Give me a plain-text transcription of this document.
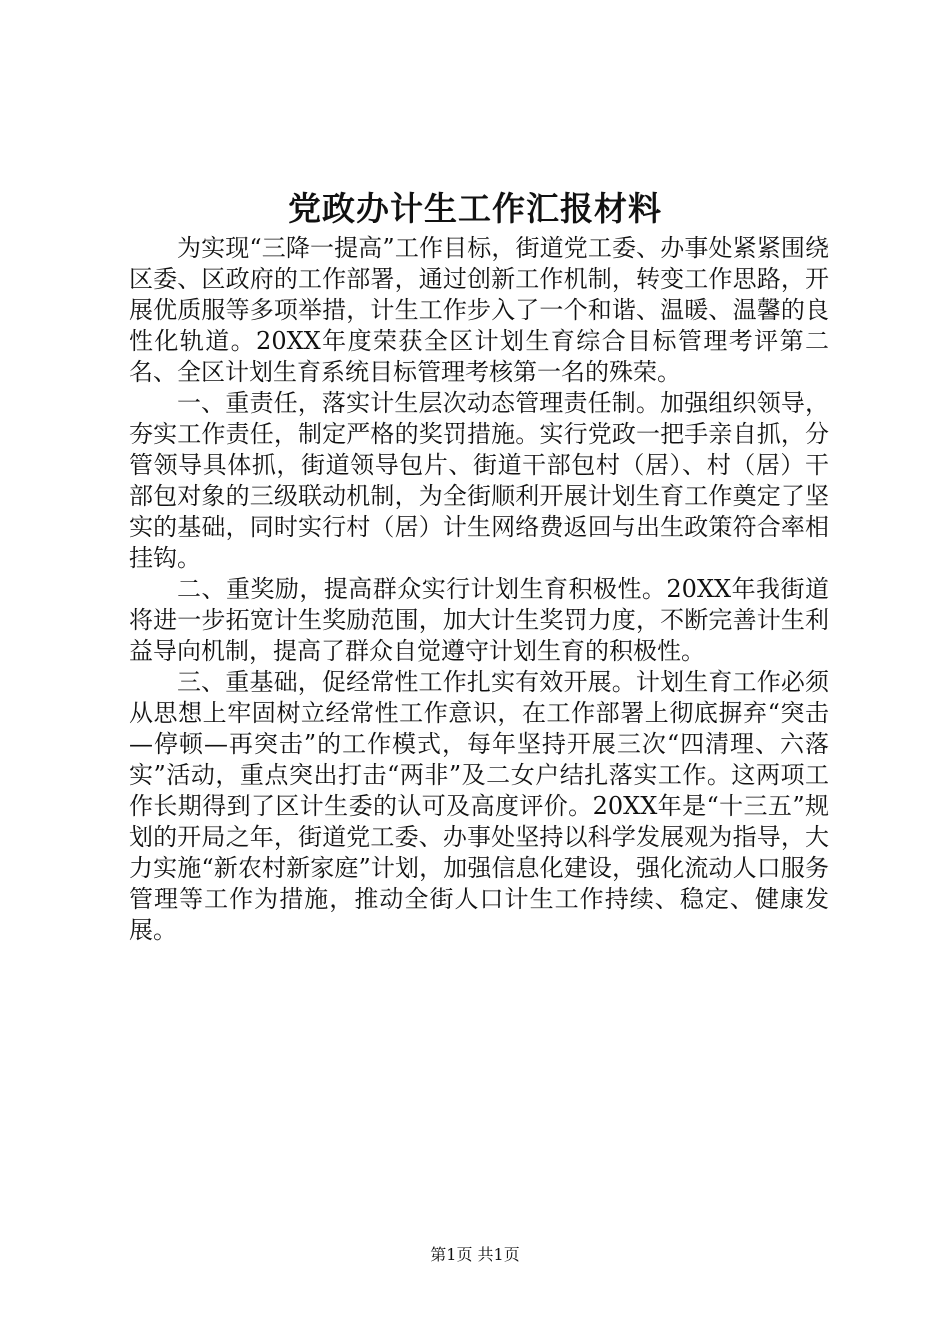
党政办计生工作汇报材料

为实现“三降一提高”工作目标，街道党工委、办事处紧紧围绕区委、区政府的工作部署，通过创新工作机制，转变工作思路，开展优质服等多项举措，计生工作步入了一个和谐、温暖、温馨的良性化轨道。20XX年度荣获全区计划生育综合目标管理考评第二名、全区计划生育系统目标管理考核第一名的殊荣。

一、重责任，落实计生层次动态管理责任制。加强组织领导，夯实工作责任，制定严格的奖罚措施。实行党政一把手亲自抓，分管领导具体抓，街道领导包片、街道干部包村（居）、村（居）干部包对象的三级联动机制，为全街顺利开展计划生育工作奠定了坚实的基础，同时实行村（居）计生网络费返回与出生政策符合率相挂钩。

二、重奖励，提高群众实行计划生育积极性。20XX年我街道将进一步拓宽计生奖励范围，加大计生奖罚力度，不断完善计生利益导向机制，提高了群众自觉遵守计划生育的积极性。

三、重基础，促经常性工作扎实有效开展。计划生育工作必须从思想上牢固树立经常性工作意识，在工作部署上彻底摒弃“突击—停顿—再突击”的工作模式，每年坚持开展三次“四清理、六落实”活动，重点突出打击“两非”及二女户结扎落实工作。这两项工作长期得到了区计生委的认可及高度评价。20XX年是“十三五”规划的开局之年，街道党工委、办事处坚持以科学发展观为指导，大力实施“新农村新家庭”计划，加强信息化建设，强化流动人口服务管理等工作为措施，推动全街人口计生工作持续、稳定、健康发展。

第1页 共1页
